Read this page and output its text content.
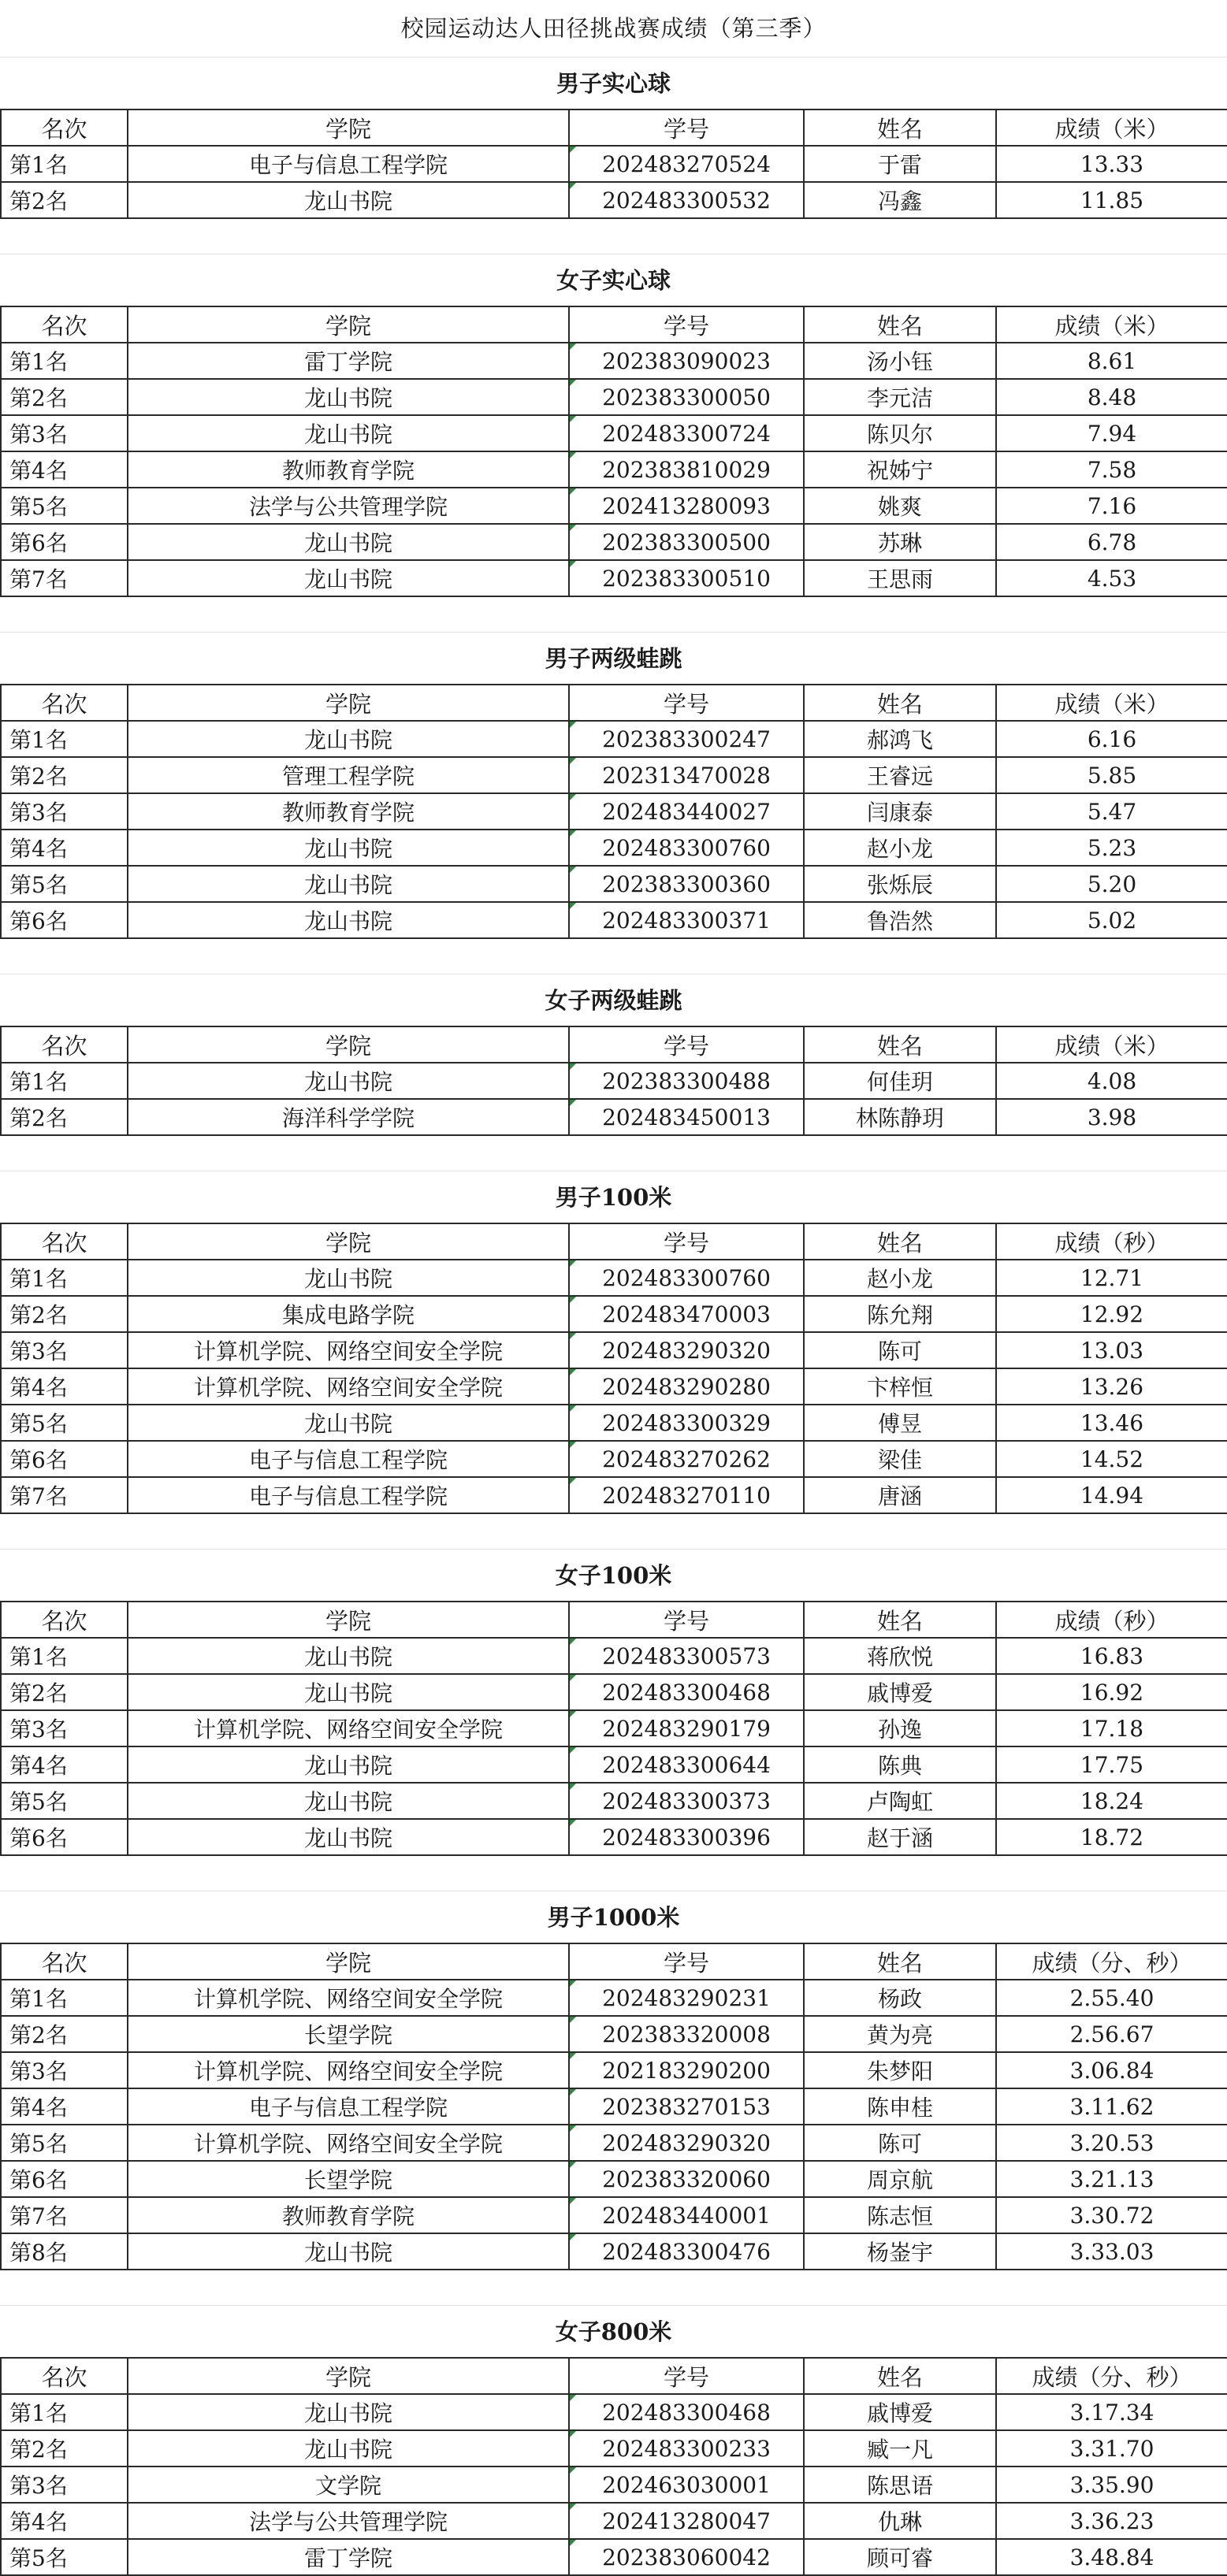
校园运动达人田径挑战赛成绩（第三季）
男子实心球
名次	学院	学号	姓名	成绩（米）
第1名	电子与信息工程学院	202483270524	于雷	13.33
第2名	龙山书院	202483300532	冯鑫	11.85
女子实心球
名次	学院	学号	姓名	成绩（米）
第1名	雷丁学院	202383090023	汤小钰	8.61
第2名	龙山书院	202383300050	李元洁	8.48
第3名	龙山书院	202483300724	陈贝尔	7.94
第4名	教师教育学院	202383810029	祝姊宁	7.58
第5名	法学与公共管理学院	202413280093	姚爽	7.16
第6名	龙山书院	202383300500	苏琳	6.78
第7名	龙山书院	202383300510	王思雨	4.53
男子两级蛙跳
名次	学院	学号	姓名	成绩（米）
第1名	龙山书院	202383300247	郝鸿飞	6.16
第2名	管理工程学院	202313470028	王睿远	5.85
第3名	教师教育学院	202483440027	闫康泰	5.47
第4名	龙山书院	202483300760	赵小龙	5.23
第5名	龙山书院	202383300360	张烁辰	5.20
第6名	龙山书院	202483300371	鲁浩然	5.02
女子两级蛙跳
名次	学院	学号	姓名	成绩（米）
第1名	龙山书院	202383300488	何佳玥	4.08
第2名	海洋科学学院	202483450013	林陈静玥	3.98
男子100米
名次	学院	学号	姓名	成绩（秒）
第1名	龙山书院	202483300760	赵小龙	12.71
第2名	集成电路学院	202483470003	陈允翔	12.92
第3名	计算机学院、网络空间安全学院	202483290320	陈可	13.03
第4名	计算机学院、网络空间安全学院	202483290280	卞梓恒	13.26
第5名	龙山书院	202483300329	傅昱	13.46
第6名	电子与信息工程学院	202483270262	梁佳	14.52
第7名	电子与信息工程学院	202483270110	唐涵	14.94
女子100米
名次	学院	学号	姓名	成绩（秒）
第1名	龙山书院	202483300573	蒋欣悦	16.83
第2名	龙山书院	202483300468	戚博爱	16.92
第3名	计算机学院、网络空间安全学院	202483290179	孙逸	17.18
第4名	龙山书院	202483300644	陈典	17.75
第5名	龙山书院	202483300373	卢陶虹	18.24
第6名	龙山书院	202483300396	赵于涵	18.72
男子1000米
名次	学院	学号	姓名	成绩（分、秒）
第1名	计算机学院、网络空间安全学院	202483290231	杨政	2.55.40
第2名	长望学院	202383320008	黄为亮	2.56.67
第3名	计算机学院、网络空间安全学院	202183290200	朱梦阳	3.06.84
第4名	电子与信息工程学院	202383270153	陈申桂	3.11.62
第5名	计算机学院、网络空间安全学院	202483290320	陈可	3.20.53
第6名	长望学院	202383320060	周京航	3.21.13
第7名	教师教育学院	202483440001	陈志恒	3.30.72
第8名	龙山书院	202483300476	杨崟宇	3.33.03
女子800米
名次	学院	学号	姓名	成绩（分、秒）
第1名	龙山书院	202483300468	戚博爱	3.17.34
第2名	龙山书院	202483300233	臧一凡	3.31.70
第3名	文学院	202463030001	陈思语	3.35.90
第4名	法学与公共管理学院	202413280047	仇琳	3.36.23
第5名	雷丁学院	202383060042	顾可睿	3.48.84
